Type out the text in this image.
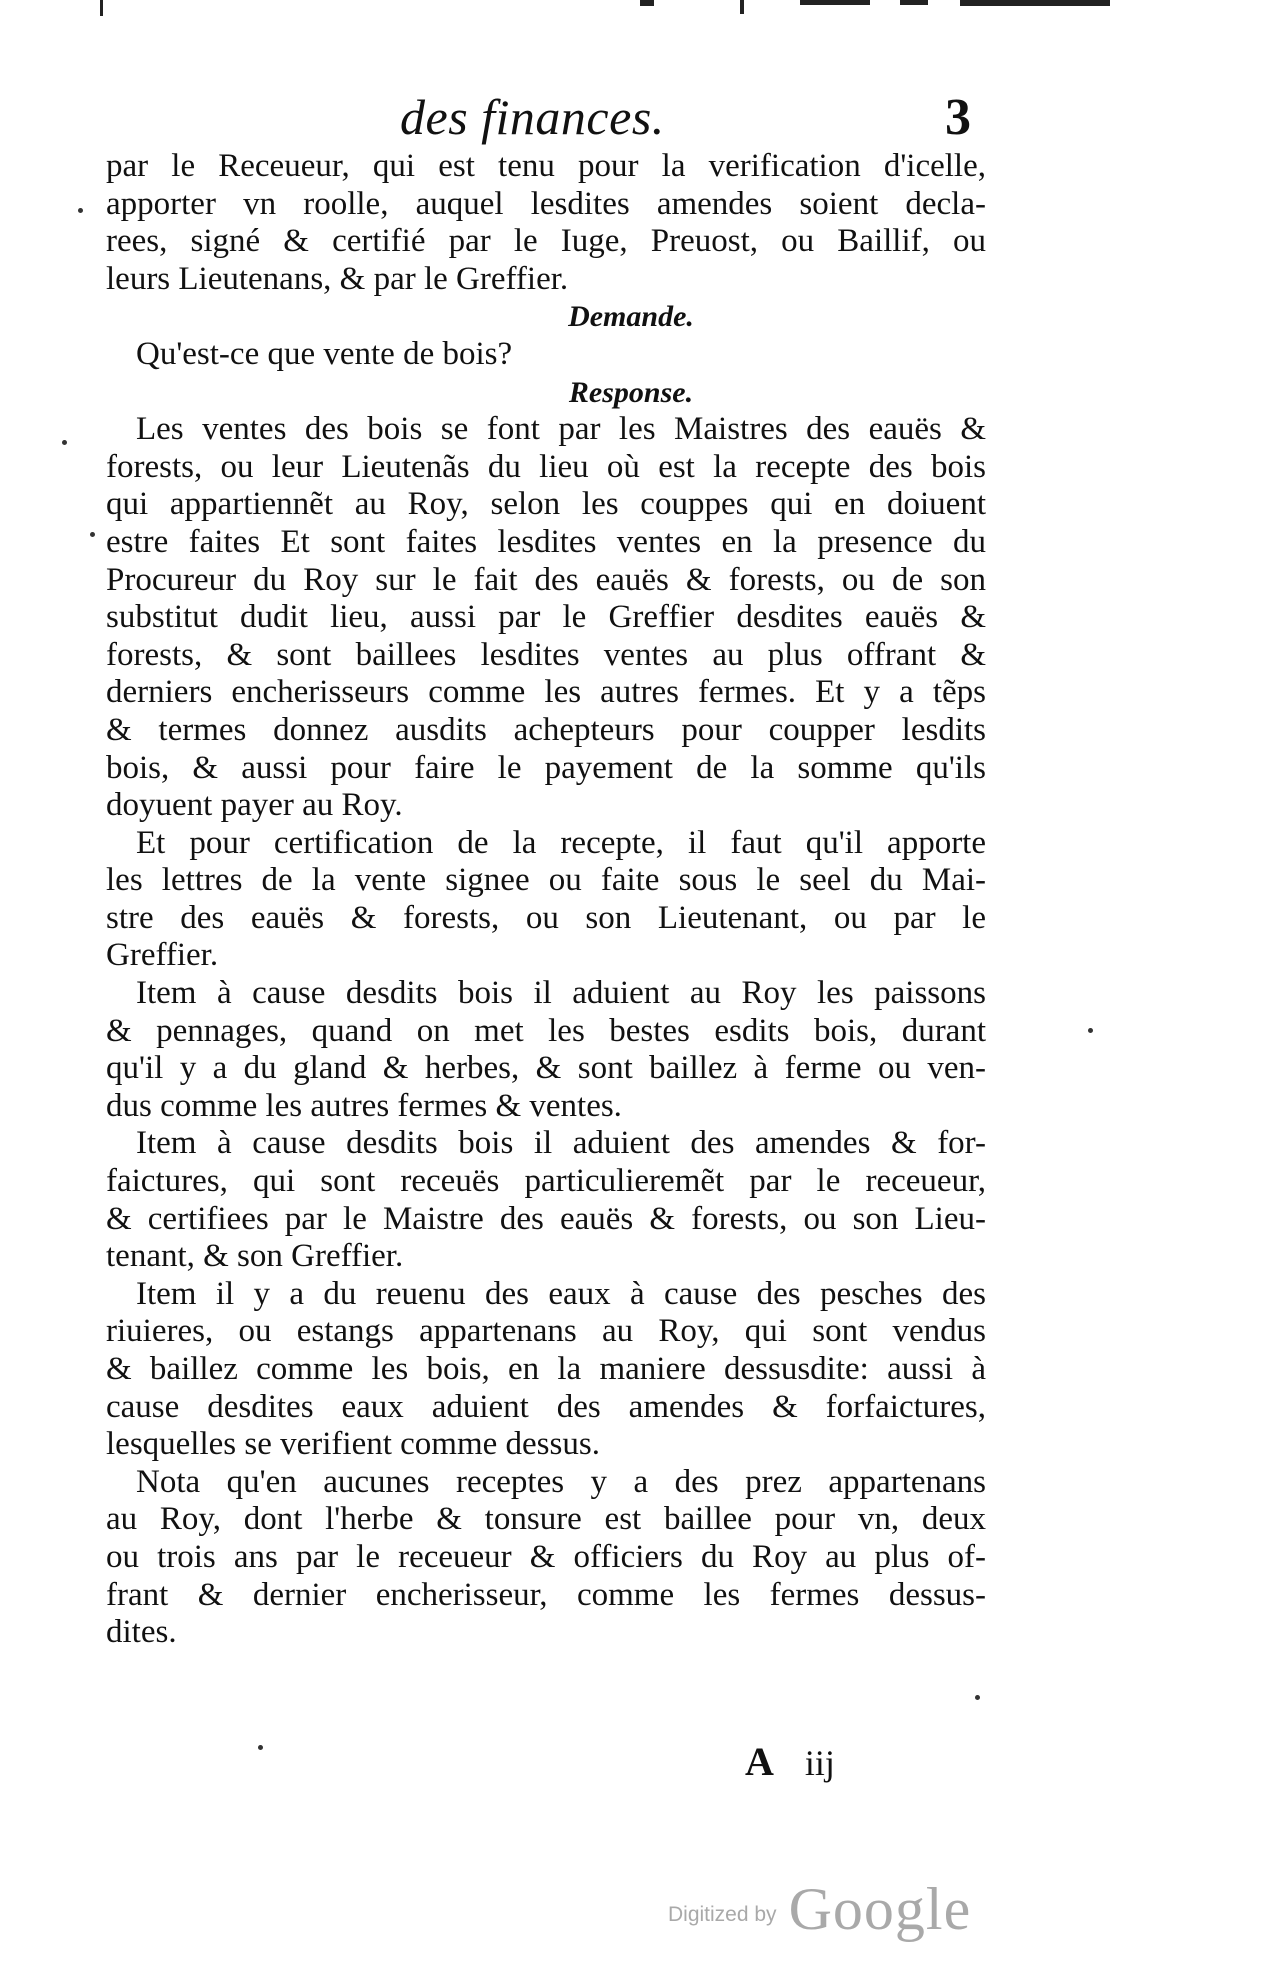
des finances.	3
par le Receueur, qui est tenu pour la verification d'icelle,
apporter vn roolle, auquel lesdites amendes soient decla-
rees, signé & certifié par le Iuge, Preuost, ou Baillif, ou
leurs Lieutenans, & par le Greffier.
Demande.
Qu'est-ce que vente de bois?
Response.
Les ventes des bois se font par les Maistres des eauës &
forests, ou leur Lieutenãs du lieu où est la recepte des bois
qui appartiennẽt au Roy, selon les couppes qui en doiuent
estre faites Et sont faites lesdites ventes en la presence du
Procureur du Roy sur le fait des eauës & forests, ou de son
substitut dudit lieu, aussi par le Greffier desdites eauës &
forests, & sont baillees lesdites ventes au plus offrant &
derniers encherisseurs comme les autres fermes. Et y a tẽps
& termes donnez ausdits achepteurs pour coupper lesdits
bois, & aussi pour faire le payement de la somme qu'ils
doyuent payer au Roy.
Et pour certification de la recepte, il faut qu'il apporte
les lettres de la vente signee ou faite sous le seel du Mai-
stre des eauës & forests, ou son Lieutenant, ou par le
Greffier.
Item à cause desdits bois il aduient au Roy les paissons
& pennages, quand on met les bestes esdits bois, durant
qu'il y a du gland & herbes, & sont baillez à ferme ou ven-
dus comme les autres fermes & ventes.
Item à cause desdits bois il aduient des amendes & for-
faictures, qui sont receuës particulieremẽt par le receueur,
& certifiees par le Maistre des eauës & forests, ou son Lieu-
tenant, & son Greffier.
Item il y a du reuenu des eaux à cause des pesches des
riuieres, ou estangs appartenans au Roy, qui sont vendus
& baillez comme les bois, en la maniere dessusdite: aussi à
cause desdites eaux aduient des amendes & forfaictures,
lesquelles se verifient comme dessus.
Nota qu'en aucunes receptes y a des prez appartenans
au Roy, dont l'herbe & tonsure est baillee pour vn, deux
ou trois ans par le receueur & officiers du Roy au plus of-
frant & dernier encherisseur, comme les fermes dessus-
dites.
A iij
Digitized by Google
